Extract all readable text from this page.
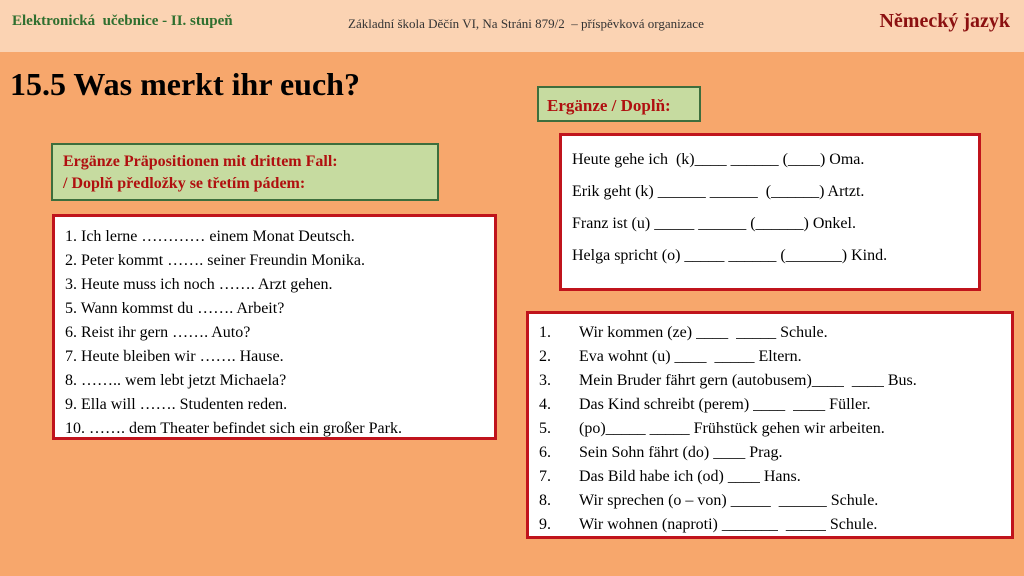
Elektronická  učebnice - II. stupeň	Základní škola Děčín VI, Na Stráni 879/2  – příspěvková organizace	Německý jazyk
15.5 Was merkt ihr euch?
Ergänze / Doplň:
Ergänze Präpositionen mit drittem Fall:
/ Doplň předložky se třetím pádem:
1. Ich lerne ………… einem Monat Deutsch.
2. Peter kommt ……. seiner Freundin Monika.
3. Heute muss ich noch ……. Arzt gehen.
5. Wann kommst du ……. Arbeit?
6. Reist ihr gern ……. Auto?
7. Heute bleiben wir ……. Hause.
8. …….. wem lebt jetzt Michaela?
9. Ella will ……. Studenten reden.
10. ……. dem Theater befindet sich ein großer Park.
Heute gehe ich  (k)____ ______ (____) Oma.
Erik geht (k) ______ ______  (______) Artzt.
Franz ist (u) _____ ______ (______) Onkel.
Helga spricht (o) _____ ______ (_______) Kind.
1.	Wir kommen (ze) ____  _____ Schule.
2.	Eva wohnt (u) ____  _____ Eltern.
3.	Mein Bruder fährt gern (autobusem)____  ____ Bus.
4.	Das Kind schreibt (perem) ____  ____ Füller.
5.	(po)_____ _____ Frühstück gehen wir arbeiten.
6.	Sein Sohn fährt (do) ____ Prag.
7.	Das Bild habe ich (od) ____ Hans.
8.	Wir sprechen (o – von) _____  ______ Schule.
9.	Wir wohnen (naproti) _______  _____ Schule.
